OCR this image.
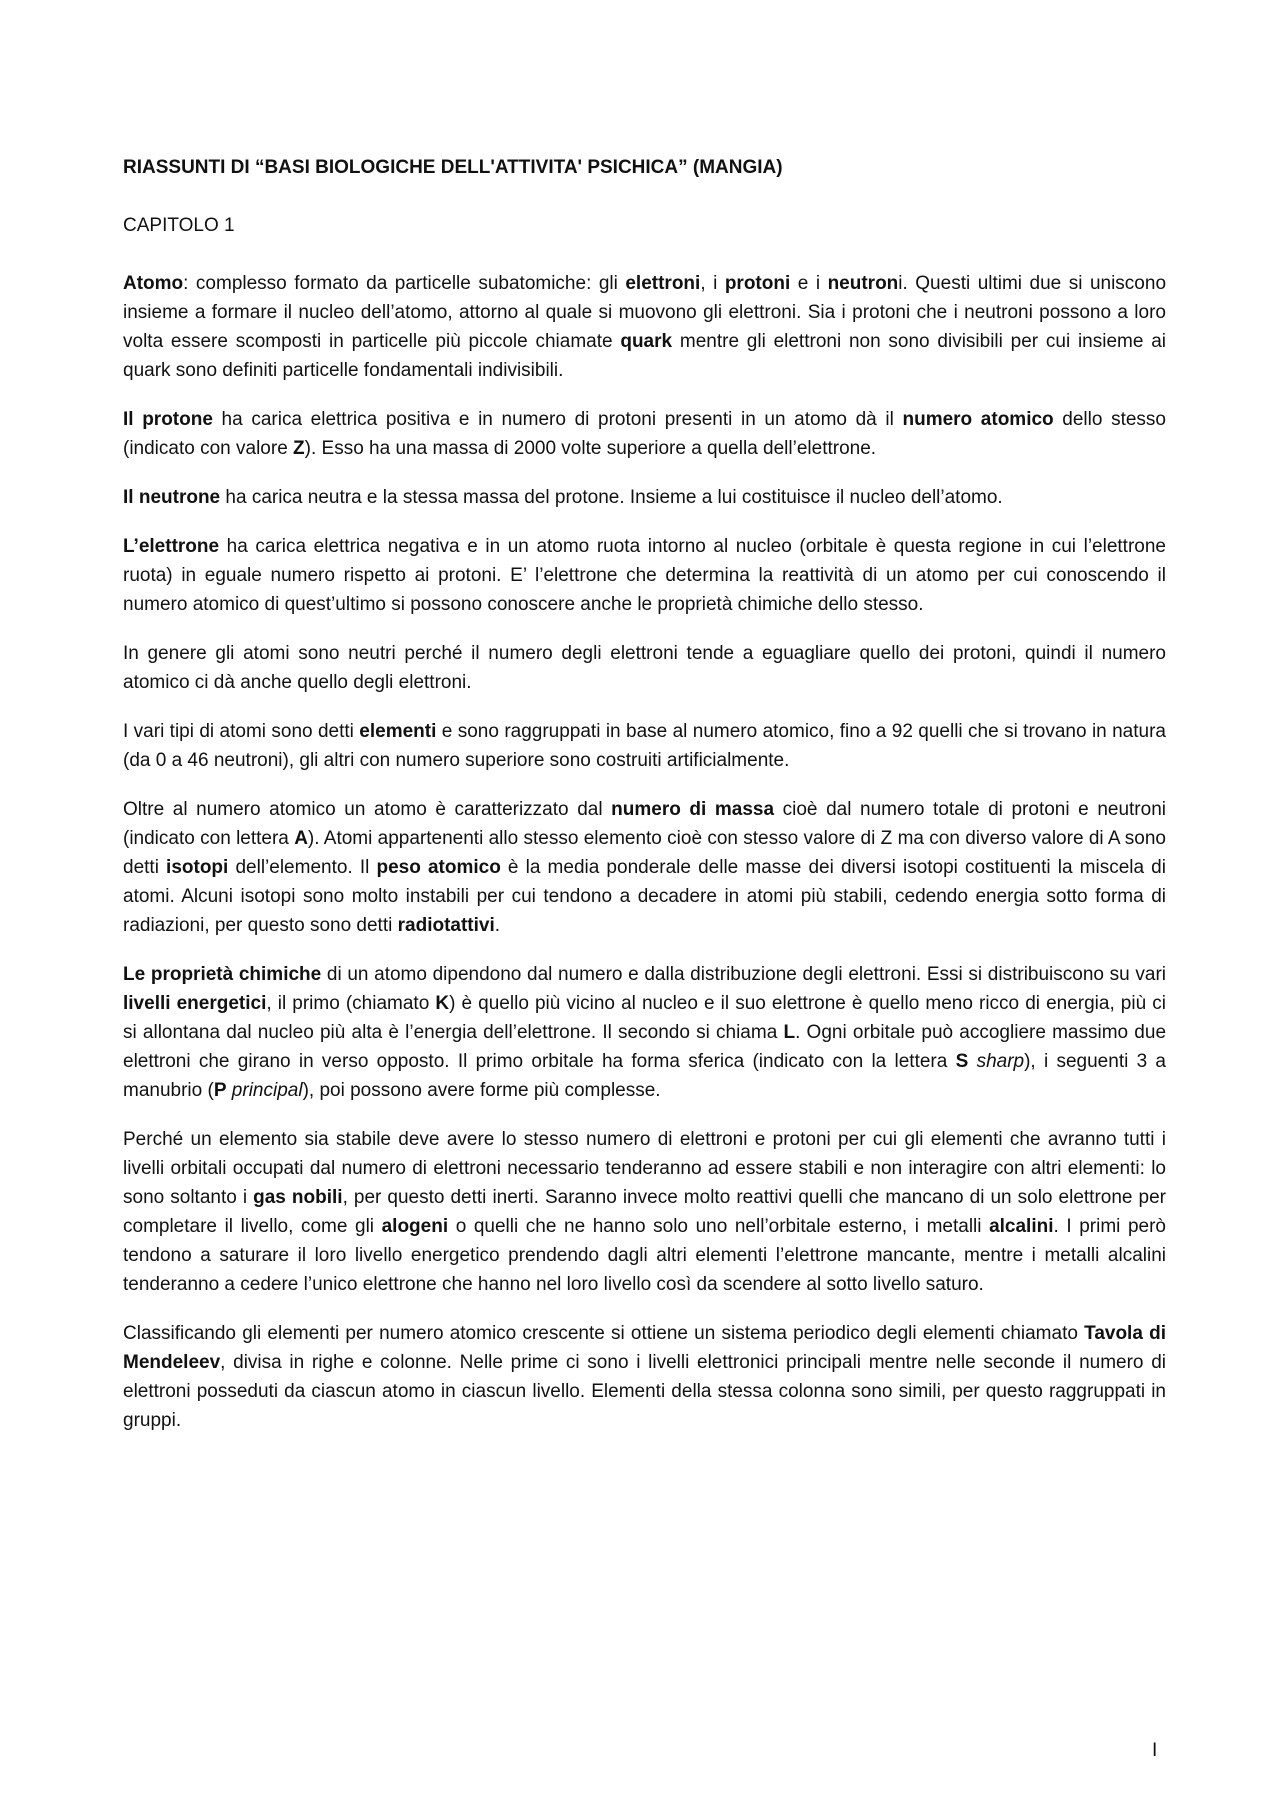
RIASSUNTI DI “BASI BIOLOGICHE DELL'ATTIVITA' PSICHICA” (MANGIA)

CAPITOLO 1

Atomo: complesso formato da particelle subatomiche: gli elettroni, i protoni e i neutroni. Questi ultimi due si uniscono insieme a formare il nucleo dell’atomo, attorno al quale si muovono gli elettroni. Sia i protoni che i neutroni possono a loro volta essere scomposti in particelle più piccole chiamate quark mentre gli elettroni non sono divisibili per cui insieme ai quark sono definiti particelle fondamentali indivisibili.

Il protone ha carica elettrica positiva e in numero di protoni presenti in un atomo dà il numero atomico dello stesso (indicato con valore Z). Esso ha una massa di 2000 volte superiore a quella dell’elettrone.

Il neutrone ha carica neutra e la stessa massa del protone. Insieme a lui costituisce il nucleo dell’atomo.

L’elettrone ha carica elettrica negativa e in un atomo ruota intorno al nucleo (orbitale è questa regione in cui l’elettrone ruota) in eguale numero rispetto ai protoni. E’ l’elettrone che determina la reattività di un atomo per cui conoscendo il numero atomico di quest’ultimo si possono conoscere anche le proprietà chimiche dello stesso.

In genere gli atomi sono neutri perché il numero degli elettroni tende a eguagliare quello dei protoni, quindi il numero atomico ci dà anche quello degli elettroni.

I vari tipi di atomi sono detti elementi e sono raggruppati in base al numero atomico, fino a 92 quelli che si trovano in natura (da 0 a 46 neutroni), gli altri con numero superiore sono costruiti artificialmente.

Oltre al numero atomico un atomo è caratterizzato dal numero di massa cioè dal numero totale di protoni e neutroni (indicato con lettera A). Atomi appartenenti allo stesso elemento cioè con stesso valore di Z ma con diverso valore di A sono detti isotopi dell’elemento. Il peso atomico è la media ponderale delle masse dei diversi isotopi costituenti la miscela di atomi. Alcuni isotopi sono molto instabili per cui tendono a decadere in atomi più stabili, cedendo energia sotto forma di radiazioni, per questo sono detti radiotattivi.

Le proprietà chimiche di un atomo dipendono dal numero e dalla distribuzione degli elettroni. Essi si distribuiscono su vari livelli energetici, il primo (chiamato K) è quello più vicino al nucleo e il suo elettrone è quello meno ricco di energia, più ci si allontana dal nucleo più alta è l’energia dell’elettrone. Il secondo si chiama L. Ogni orbitale può accogliere massimo due elettroni che girano in verso opposto. Il primo orbitale ha forma sferica (indicato con la lettera S sharp), i seguenti 3 a manubrio (P principal), poi possono avere forme più complesse.

Perché un elemento sia stabile deve avere lo stesso numero di elettroni e protoni per cui gli elementi che avranno tutti i livelli orbitali occupati dal numero di elettroni necessario tenderanno ad essere stabili e non interagire con altri elementi: lo sono soltanto i gas nobili, per questo detti inerti. Saranno invece molto reattivi quelli che mancano di un solo elettrone per completare il livello, come gli alogeni o quelli che ne hanno solo uno nell’orbitale esterno, i metalli alcalini. I primi però tendono a saturare il loro livello energetico prendendo dagli altri elementi l’elettrone mancante, mentre i metalli alcalini tenderanno a cedere l’unico elettrone che hanno nel loro livello così da scendere al sotto livello saturo.

Classificando gli elementi per numero atomico crescente si ottiene un sistema periodico degli elementi chiamato Tavola di Mendeleev, divisa in righe e colonne. Nelle prime ci sono i livelli elettronici principali mentre nelle seconde il numero di elettroni posseduti da ciascun atomo in ciascun livello. Elementi della stessa colonna sono simili, per questo raggruppati in gruppi.

I
